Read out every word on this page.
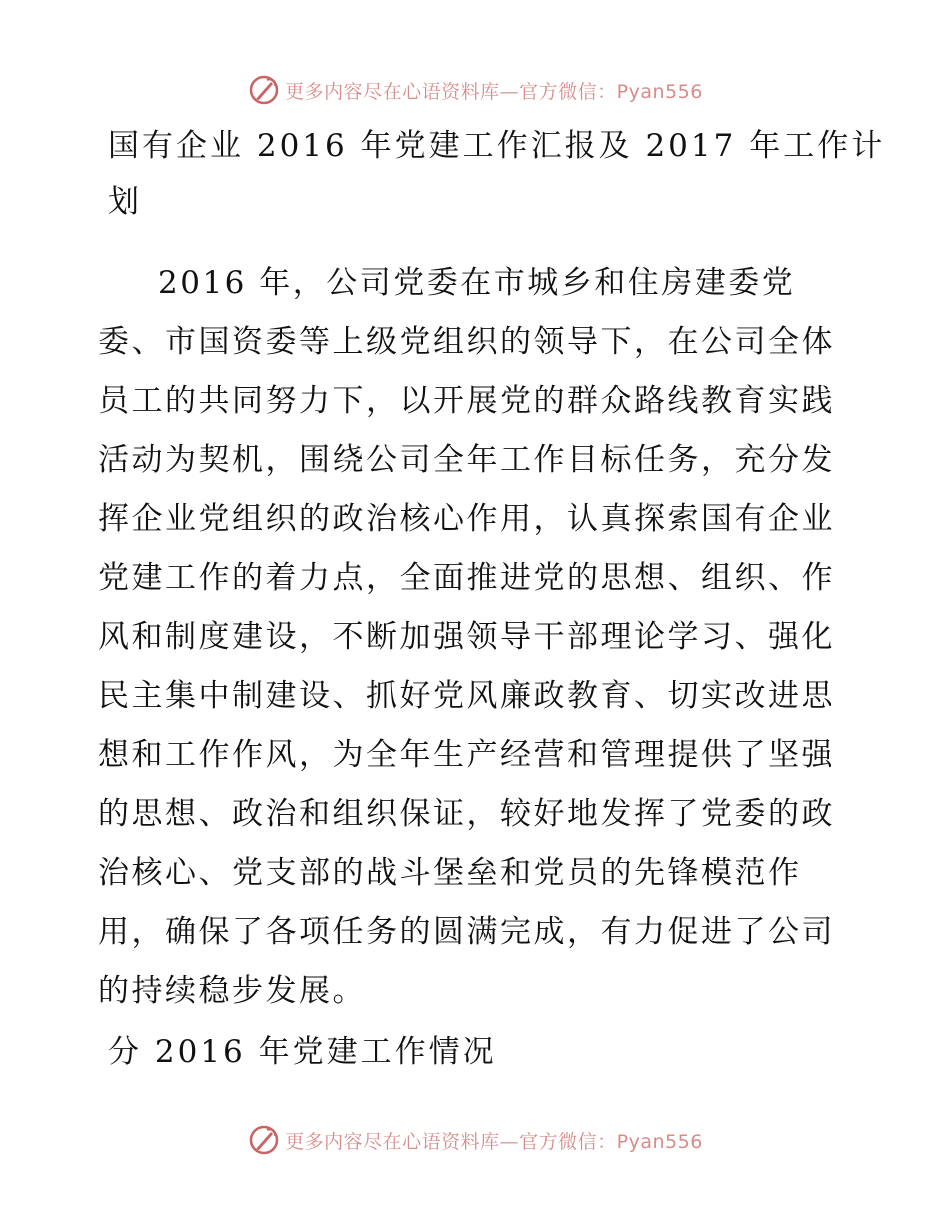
更多内容尽在心语资料库—官方微信：Pyan556
国有企业 2016 年党建工作汇报及 2017 年工作计
划
2016 年，公司党委在市城乡和住房建委党
委、市国资委等上级党组织的领导下，在公司全体
员工的共同努力下，以开展党的群众路线教育实践
活动为契机，围绕公司全年工作目标任务，充分发
挥企业党组织的政治核心作用，认真探索国有企业
党建工作的着力点，全面推进党的思想、组织、作
风和制度建设，不断加强领导干部理论学习、强化
民主集中制建设、抓好党风廉政教育、切实改进思
想和工作作风，为全年生产经营和管理提供了坚强
的思想、政治和组织保证，较好地发挥了党委的政
治核心、党支部的战斗堡垒和党员的先锋模范作
用，确保了各项任务的圆满完成，有力促进了公司
的持续稳步发展。
分 2016 年党建工作情况
更多内容尽在心语资料库—官方微信：Pyan556
